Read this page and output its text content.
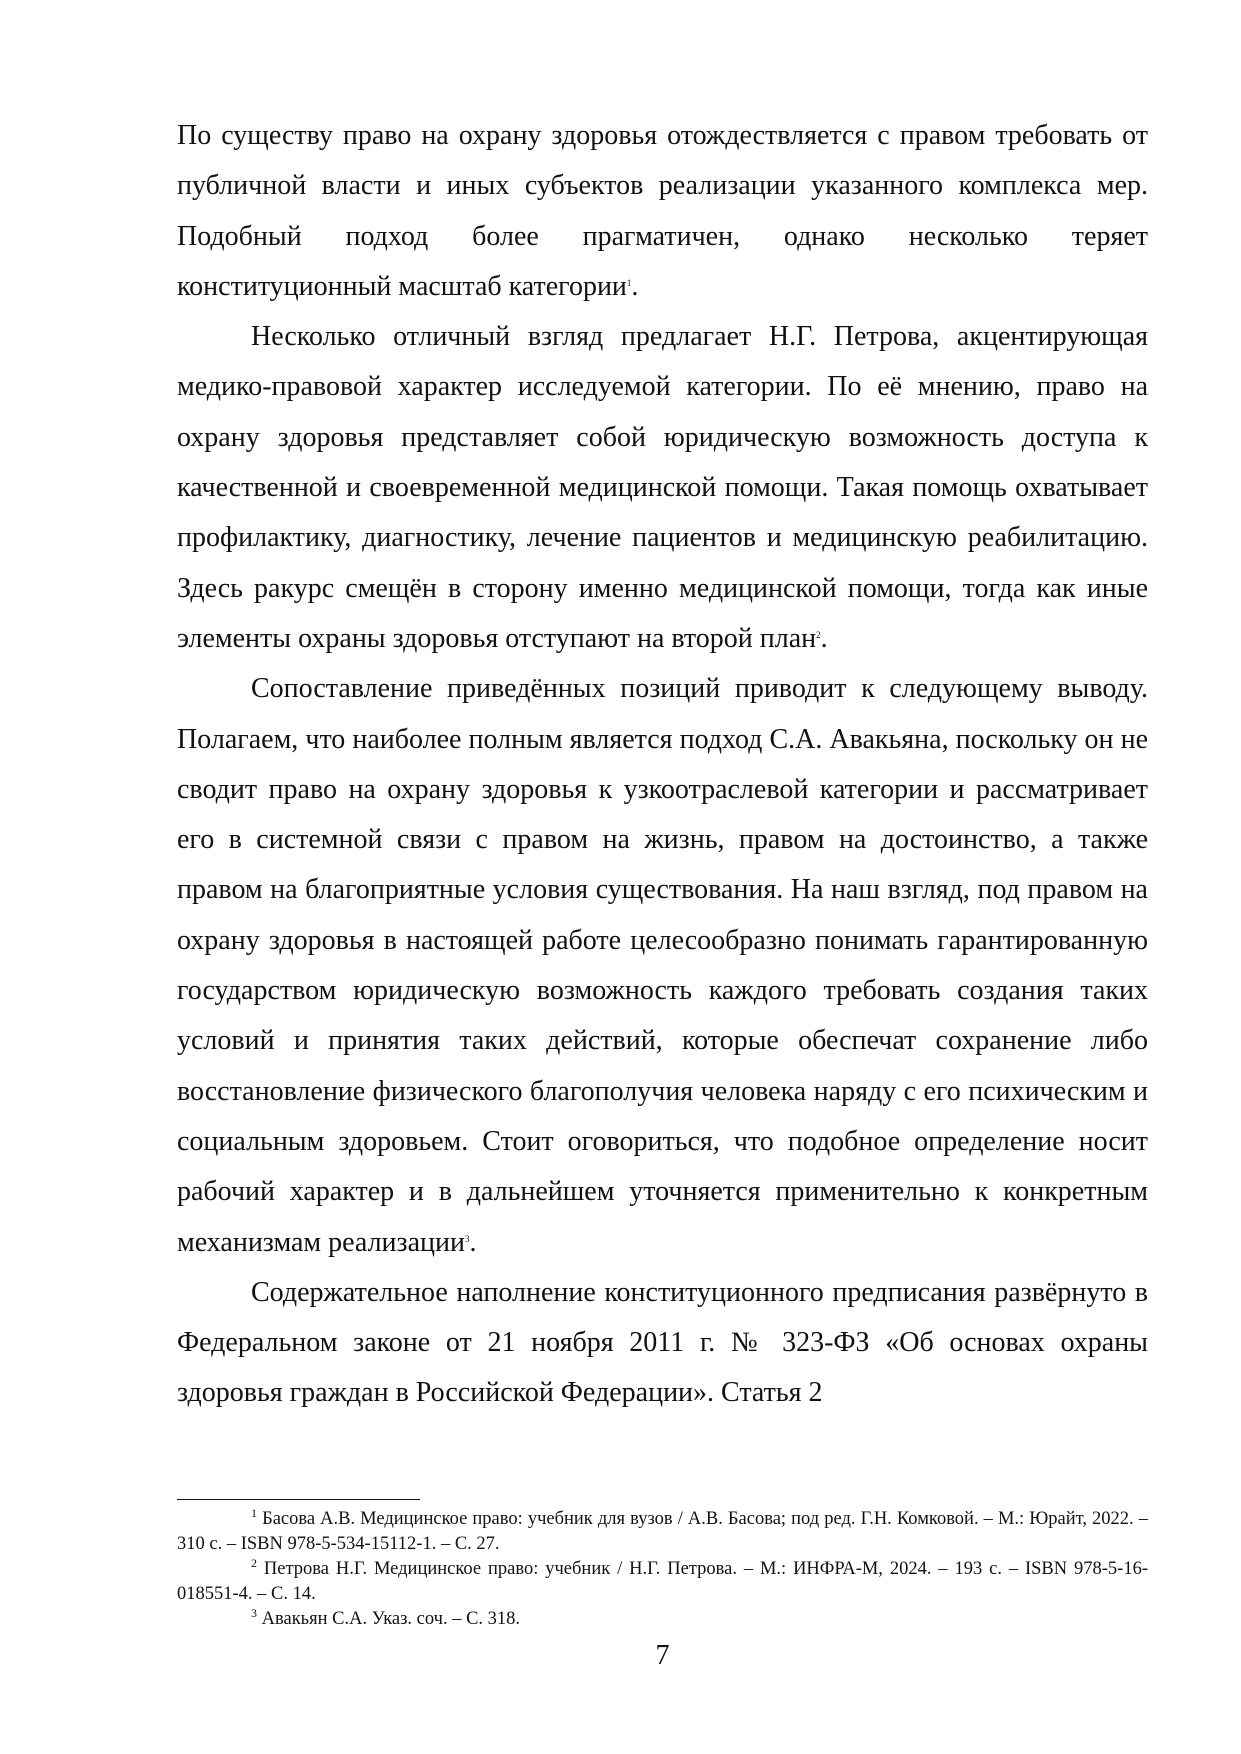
По существу право на охрану здоровья отождествляется с правом требовать от публичной власти и иных субъектов реализации указанного комплекса мер. Подобный подход более прагматичен, однако несколько теряет конституционный масштаб категории$^1$.

Несколько отличный взгляд предлагает Н.Г. Петрова, акцентирующая медико-правовой характер исследуемой категории. По её мнению, право на охрану здоровья представляет собой юридическую возможность доступа к качественной и своевременной медицинской помощи. Такая помощь охватывает профилактику, диагностику, лечение пациентов и медицинскую реабилитацию. Здесь ракурс смещён в сторону именно медицинской помощи, тогда как иные элементы охраны здоровья отступают на второй план$^2$.

Сопоставление приведённых позиций приводит к следующему выводу. Полагаем, что наиболее полным является подход С.А. Авакьяна, поскольку он не сводит право на охрану здоровья к узкоотраслевой категории и рассматривает его в системной связи с правом на жизнь, правом на достоинство, а также правом на благоприятные условия существования. На наш взгляд, под правом на охрану здоровья в настоящей работе целесообразно понимать гарантированную государством юридическую возможность каждого требовать создания таких условий и принятия таких действий, которые обеспечат сохранение либо восстановление физического благополучия человека наряду с его психическим и социальным здоровьем. Стоит оговориться, что подобное определение носит рабочий характер и в дальнейшем уточняется применительно к конкретным механизмам реализации$^3$.

Содержательное наполнение конституционного предписания развёрнуто в Федеральном законе от 21 ноября 2011 г. № 323-ФЗ «Об основах охраны здоровья граждан в Российской Федерации». Статья 2

$^1$ Басова А.В. Медицинское право: учебник для вузов / А.В. Басова; под ред. Г.Н. Комковой. – М.: Юрайт, 2022. – 310 с. – ISBN 978-5-534-15112-1. – С. 27.

$^2$ Петрова Н.Г. Медицинское право: учебник / Н.Г. Петрова. – М.: ИНФРА-М, 2024. – 193 с. – ISBN 978-5-16-018551-4. – С. 14.

$^3$ Авакьян С.А. Указ. соч. – С. 318.

7
